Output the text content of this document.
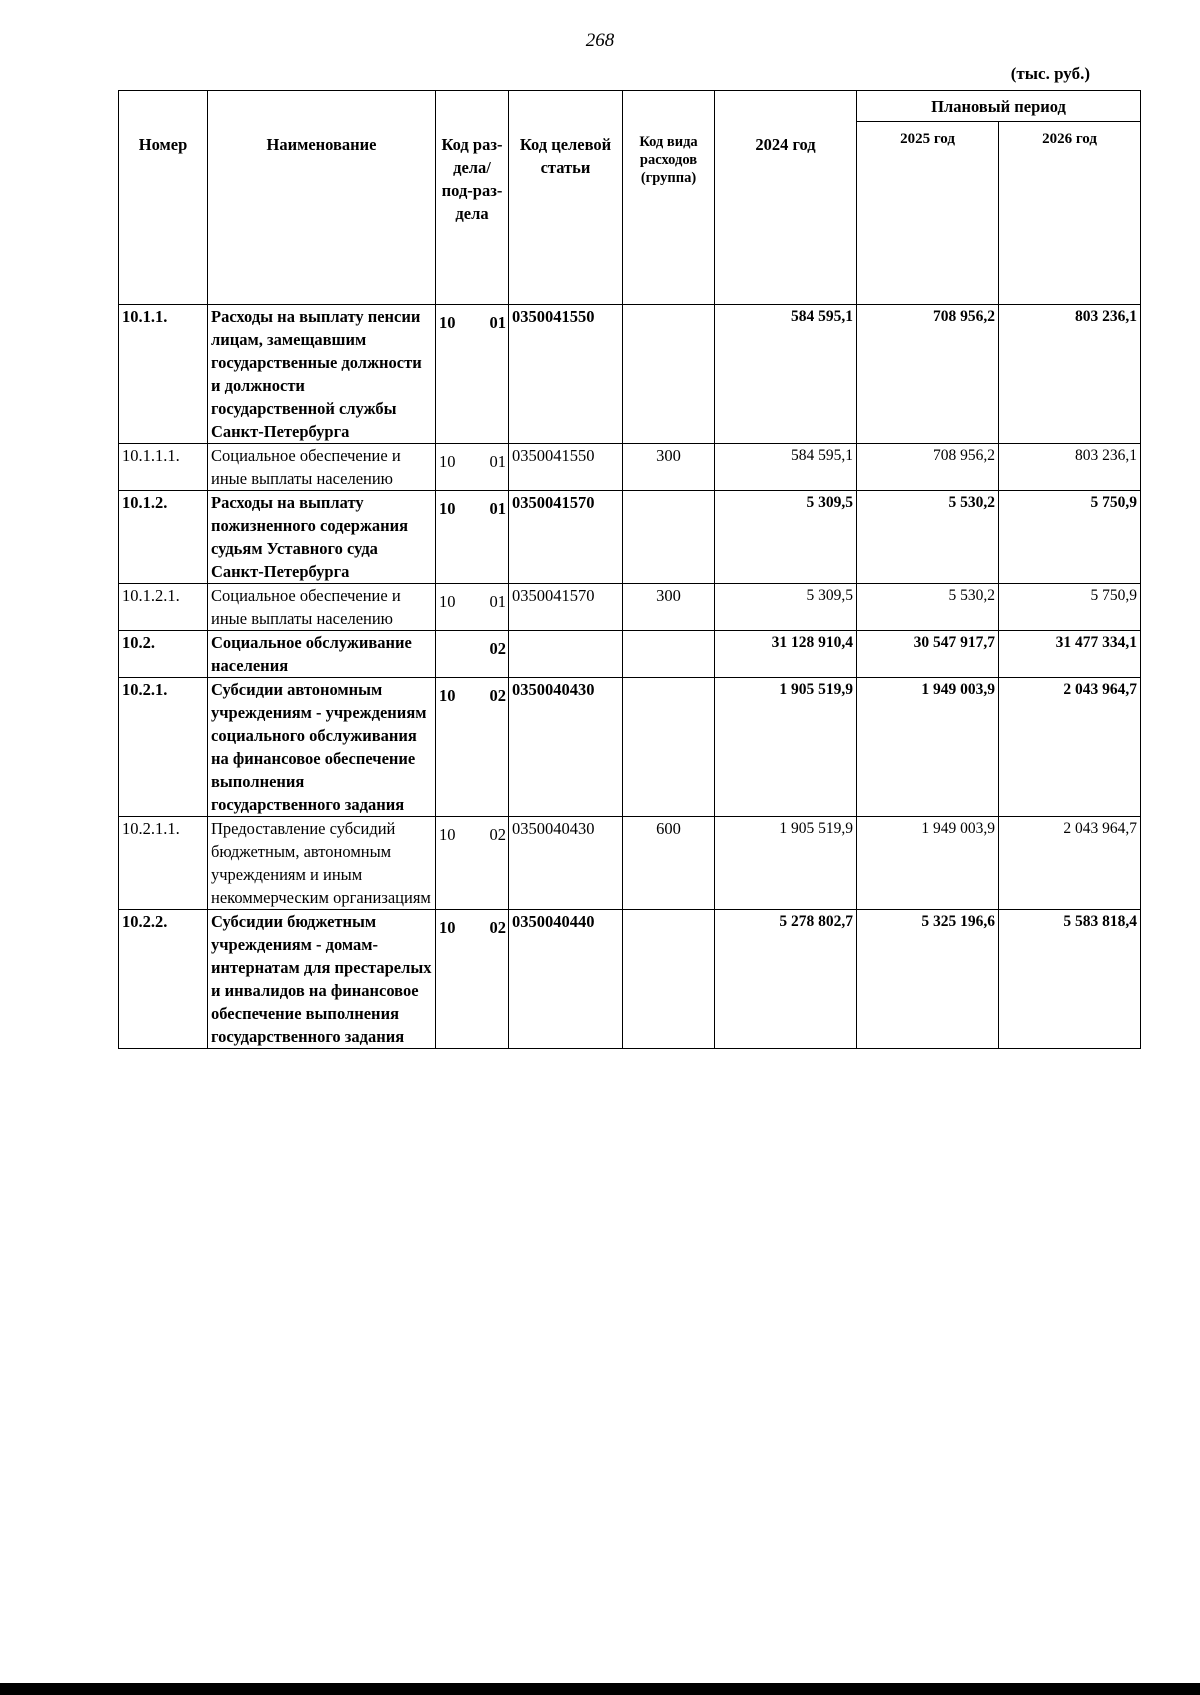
268
(тыс. руб.)
Номер	Наименование	Код раз-дела/ под-раз-дела	Код целевой статьи	Код вида расходов (группа)	2024 год	Плановый период	
						2025 год	2026 год
10.1.1.	Расходы на выплату пенсии лицам, замещавшим государственные должности и должности государственной службы Санкт-Петербурга	10 01	0350041550		584 595,1	708 956,2	803 236,1
10.1.1.1.	Социальное обеспечение и иные выплаты населению	10 01	0350041550	300	584 595,1	708 956,2	803 236,1
10.1.2.	Расходы на выплату пожизненного содержания судьям Уставного суда Санкт-Петербурга	10 01	0350041570		5 309,5	5 530,2	5 750,9
10.1.2.1.	Социальное обеспечение и иные выплаты населению	10 01	0350041570	300	5 309,5	5 530,2	5 750,9
10.2.	Социальное обслуживание населения	02			31 128 910,4	30 547 917,7	31 477 334,1
10.2.1.	Субсидии автономным учреждениям - учреждениям социального обслуживания на финансовое обеспечение выполнения государственного задания	10 02	0350040430		1 905 519,9	1 949 003,9	2 043 964,7
10.2.1.1.	Предоставление субсидий бюджетным, автономным учреждениям и иным некоммерческим организациям	10 02	0350040430	600	1 905 519,9	1 949 003,9	2 043 964,7
10.2.2.	Субсидии бюджетным учреждениям - домам-интернатам для престарелых и инвалидов на финансовое обеспечение выполнения государственного задания	10 02	0350040440		5 278 802,7	5 325 196,6	5 583 818,4
